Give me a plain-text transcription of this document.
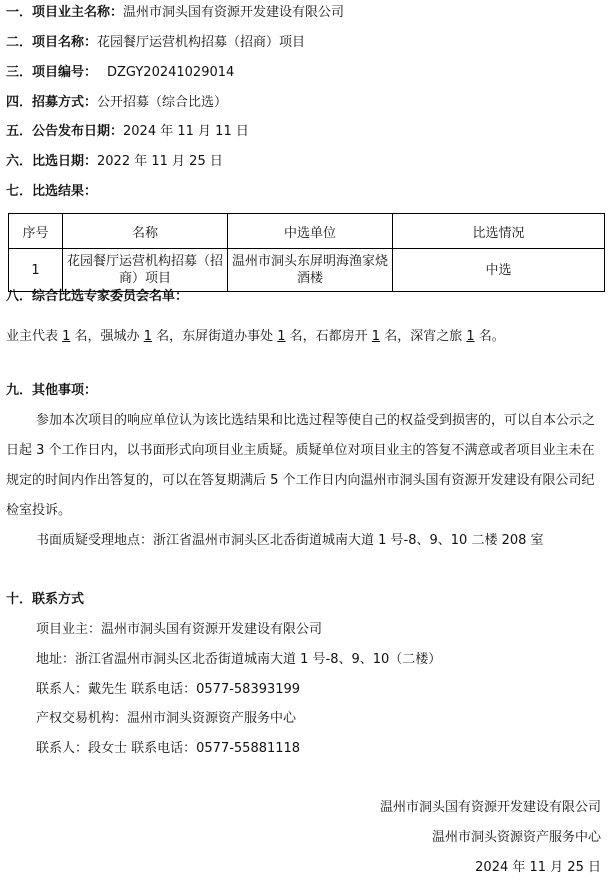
一．项目业主名称：温州市洞头国有资源开发建设有限公司
二．项目名称：花园餐厅运营机构招募（招商）项目
三．项目编号： DZGY20241029014
四．招募方式：公开招募（综合比选）
五．公告发布日期：2024 年 11 月 11 日
六．比选日期：2022 年 11 月 25 日
七．比选结果：
序号	名称	中选单位	比选情况
1	花园餐厅运营机构招募（招商）项目	温州市洞头东屏明海渔家烧酒楼	中选
八．综合比选专家委员会名单：
业主代表 1 名，强城办 1 名，东屏街道办事处 1 名，石都房开 1 名，深宵之旅 1 名。
九．其他事项：
参加本次项目的响应单位认为该比选结果和比选过程等使自己的权益受到损害的，可以自本公示之日起 3 个工作日内，以书面形式向项目业主质疑。质疑单位对项目业主的答复不满意或者项目业主未在规定的时间内作出答复的，可以在答复期满后 5 个工作日内向温州市洞头国有资源开发建设有限公司纪检室投诉。
书面质疑受理地点：浙江省温州市洞头区北岙街道城南大道 1 号-8、9、10 二楼 208 室
十．联系方式
项目业主：温州市洞头国有资源开发建设有限公司
地址：浙江省温州市洞头区北岙街道城南大道 1 号-8、9、10（二楼）
联系人：戴先生 联系电话：0577-58393199
产权交易机构：温州市洞头资源资产服务中心
联系人：段女士 联系电话：0577-55881118
温州市洞头国有资源开发建设有限公司
温州市洞头资源资产服务中心
2024 年 11 月 25 日
